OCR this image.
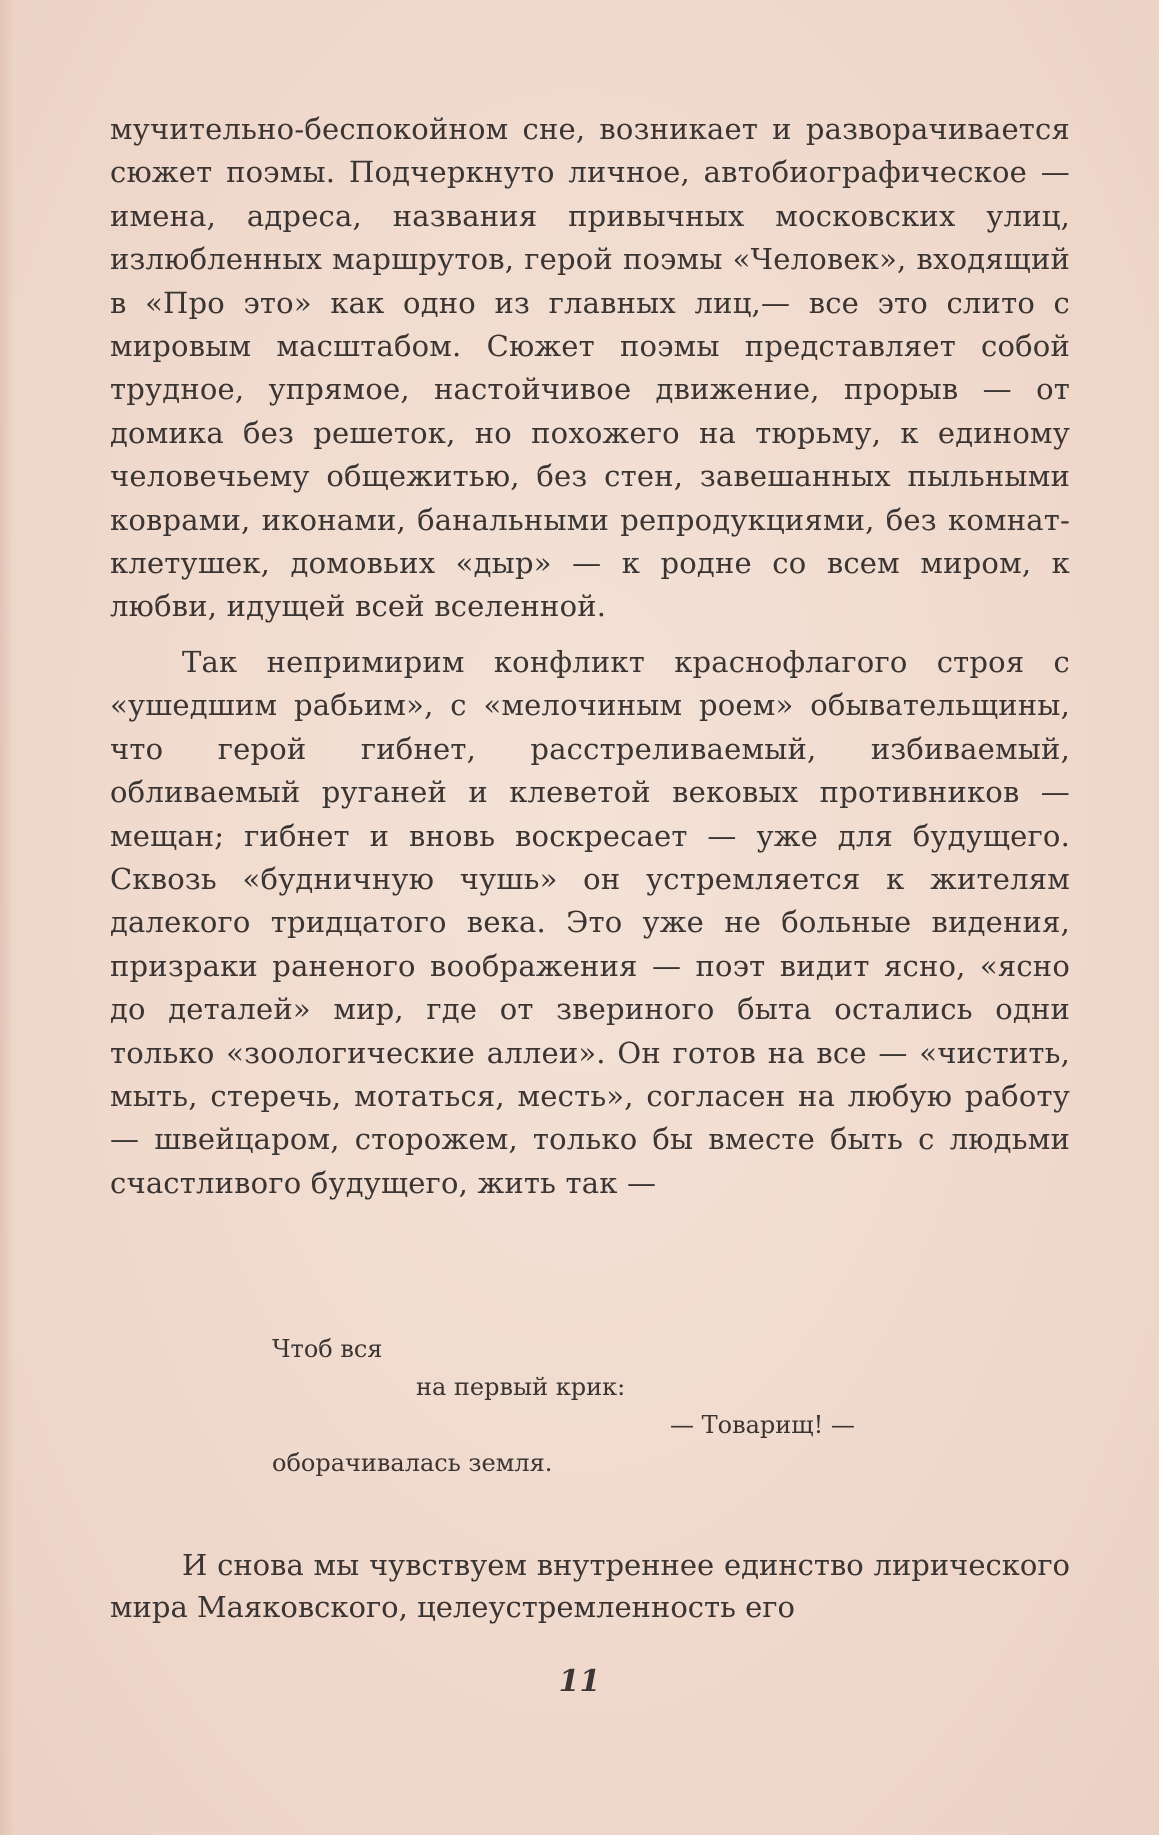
мучительно-беспокойном сне, возникает и разворачивается сюжет поэмы. Подчеркнуто личное, автобиографическое — имена, адреса, названия привычных московских улиц, излюбленных маршрутов, герой поэмы «Человек», входящий в «Про это» как одно из главных лиц,— все это слито с мировым масштабом. Сюжет поэмы представляет собой трудное, упрямое, настойчивое движение, прорыв — от домика без решеток, но похожего на тюрьму, к единому человечьему общежитью, без стен, завешанных пыльными коврами, иконами, банальными репродукциями, без комнат-клетушек, домовьих «дыр» — к родне со всем миром, к любви, идущей всей вселенной.

Так непримирим конфликт краснофлагого строя с «ушедшим рабьим», с «мелочиным роем» обывательщины, что герой гибнет, расстреливаемый, избиваемый, обливаемый руганей и клеветой вековых противников — мещан; гибнет и вновь воскресает — уже для будущего. Сквозь «будничную чушь» он устремляется к жителям далекого тридцатого века. Это уже не больные видения, призраки раненого воображения — поэт видит ясно, «ясно до деталей» мир, где от звериного быта остались одни только «зоологические аллеи». Он готов на все — «чистить, мыть, стеречь, мотаться, месть», согласен на любую работу — швейцаром, сторожем, только бы вместе быть с людьми счастливого будущего, жить так —

Чтоб вся
на первый крик:
— Товарищ! —
оборачивалась земля.

И снова мы чувствуем внутреннее единство лирического мира Маяковского, целеустремленность его

11
